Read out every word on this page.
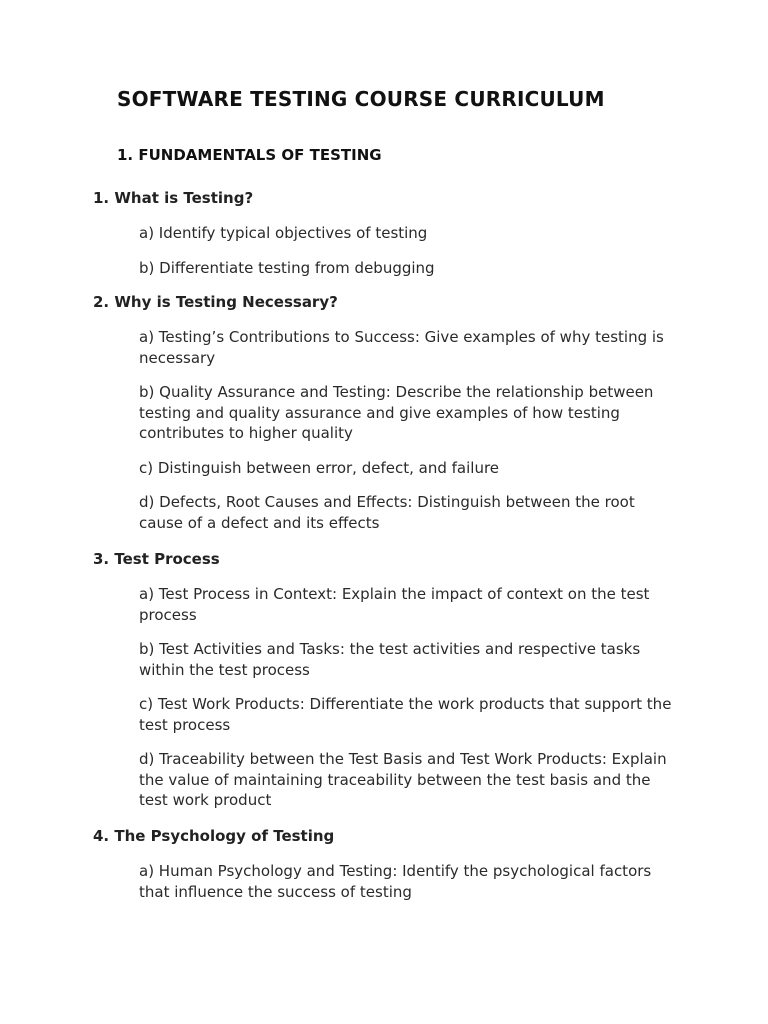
SOFTWARE TESTING COURSE CURRICULUM
1. FUNDAMENTALS OF TESTING

1. What is Testing?

a) Identify typical objectives of testing

b) Differentiate testing from debugging

2. Why is Testing Necessary?

a) Testing’s Contributions to Success: Give examples of why testing is necessary

b) Quality Assurance and Testing: Describe the relationship between testing and quality assurance and give examples of how testing contributes to higher quality

c) Distinguish between error, defect, and failure

d) Defects, Root Causes and Effects: Distinguish between the root cause of a defect and its effects

3. Test Process

a) Test Process in Context: Explain the impact of context on the test process

b) Test Activities and Tasks: the test activities and respective tasks within the test process

c) Test Work Products: Differentiate the work products that support the test process

d) Traceability between the Test Basis and Test Work Products: Explain the value of maintaining traceability between the test basis and the test work product

4. The Psychology of Testing

a) Human Psychology and Testing: Identify the psychological factors that influence the success of testing
